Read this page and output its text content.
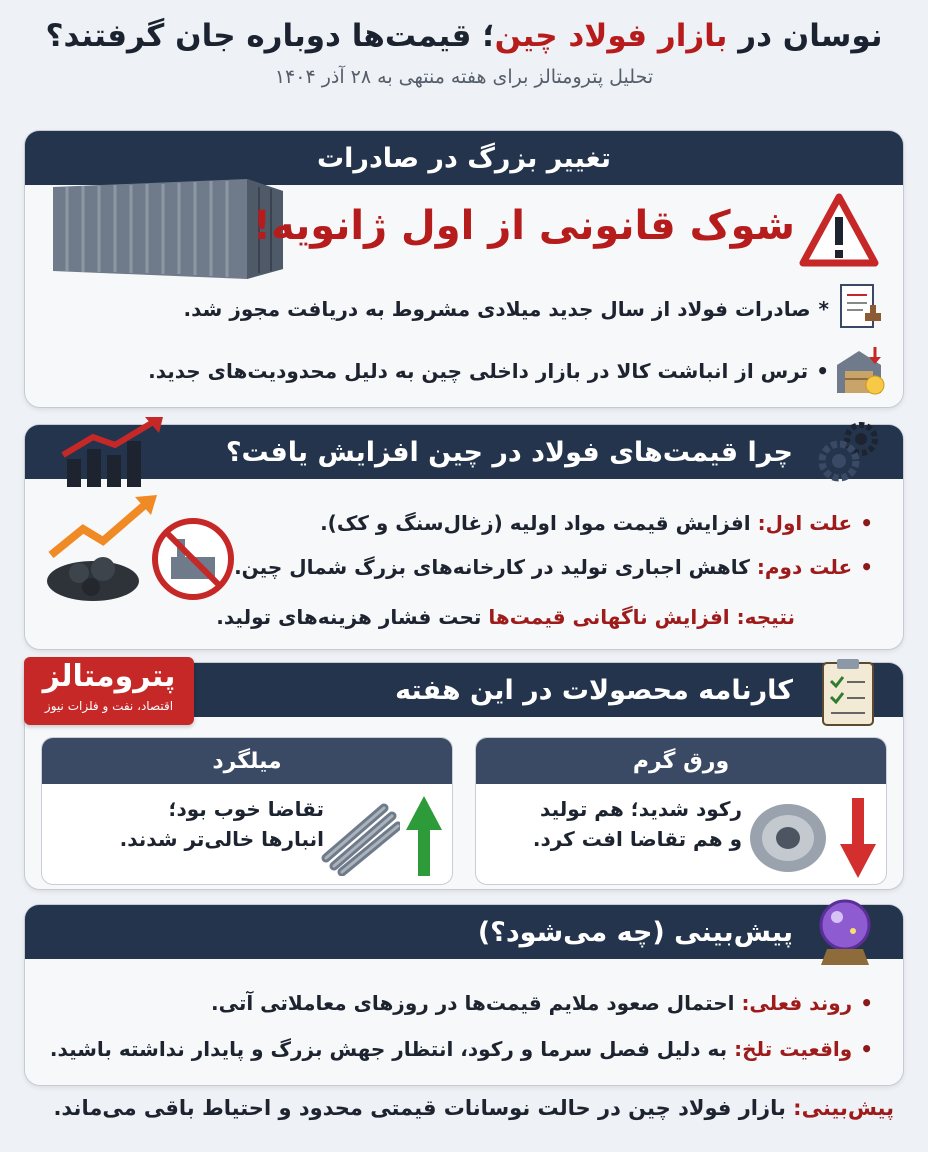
نوسان در بازار فولاد چین؛ قیمت‌ها دوباره جان گرفتند؟
تحلیل پترومتالز برای هفته منتهی به ۲۸ آذر ۱۴۰۴
تغییر بزرگ در صادرات
شوک قانونی از اول ژانویه!
*صادرات فولاد از سال جدید میلادی مشروط به دریافت مجوز شد.
•ترس از انباشت کالا در بازار داخلی چین به دلیل محدودیت‌های جدید.
چرا قیمت‌های فولاد در چین افزایش یافت؟
•علت اول: افزایش قیمت مواد اولیه (زغال‌سنگ و کک).
•علت دوم: کاهش اجباری تولید در کارخانه‌های بزرگ شمال چین.
نتیجه: افزایش ناگهانی قیمت‌ها تحت فشار هزینه‌های تولید.
کارنامه محصولات در این هفته
ورق گرم
رکود شدید؛ هم تولید
و هم تقاضا افت کرد.
میلگرد
تقاضا خوب بود؛
انبارها خالی‌تر شدند.
پترومتالز
اقتصاد، نفت و فلزات نیوز
پیش‌بینی (چه می‌شود؟)
•روند فعلی: احتمال صعود ملایم قیمت‌ها در روزهای معاملاتی آتی.
•واقعیت تلخ: به دلیل فصل سرما و رکود، انتظار جهش بزرگ و پایدار نداشته باشید.
پیش‌بینی: بازار فولاد چین در حالت نوسانات قیمتی محدود و احتیاط باقی می‌ماند.
